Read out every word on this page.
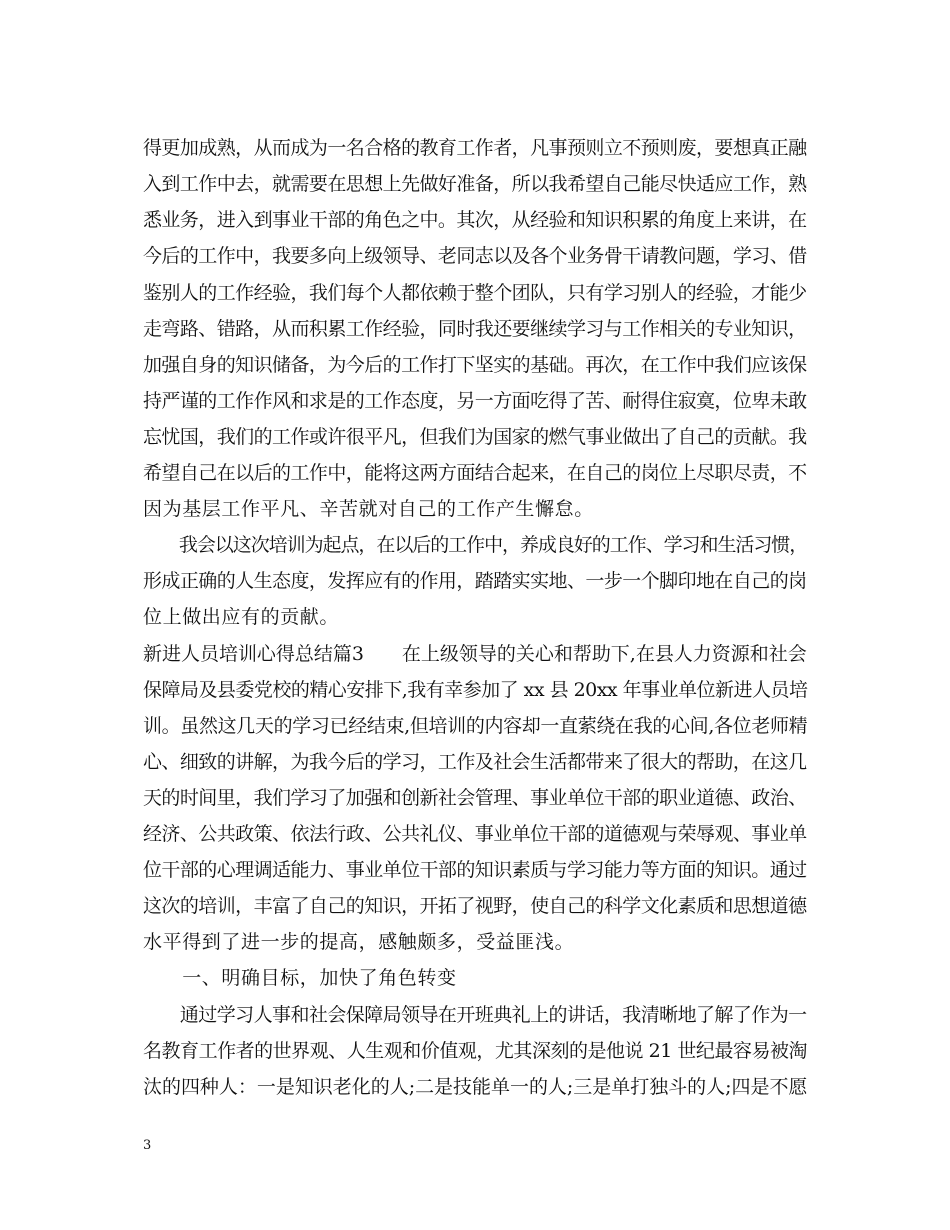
得更加成熟，从而成为一名合格的教育工作者，凡事预则立不预则废，要想真正融
入到工作中去，就需要在思想上先做好准备，所以我希望自己能尽快适应工作，熟
悉业务，进入到事业干部的角色之中。其次，从经验和知识积累的角度上来讲，在
今后的工作中，我要多向上级领导、老同志以及各个业务骨干请教问题，学习、借
鉴别人的工作经验，我们每个人都依赖于整个团队，只有学习别人的经验，才能少
走弯路、错路，从而积累工作经验，同时我还要继续学习与工作相关的专业知识，
加强自身的知识储备，为今后的工作打下坚实的基础。再次，在工作中我们应该保
持严谨的工作作风和求是的工作态度，另一方面吃得了苦、耐得住寂寞，位卑未敢
忘忧国，我们的工作或许很平凡，但我们为国家的燃气事业做出了自己的贡献。我
希望自己在以后的工作中，能将这两方面结合起来，在自己的岗位上尽职尽责，不
因为基层工作平凡、辛苦就对自己的工作产生懈怠。
　　我会以这次培训为起点，在以后的工作中，养成良好的工作、学习和生活习惯，
形成正确的人生态度，发挥应有的作用，踏踏实实地、一步一个脚印地在自己的岗
位上做出应有的贡献。
新进人员培训心得总结篇3　　在上级领导的关心和帮助下,在县人力资源和社会
保障局及县委党校的精心安排下,我有幸参加了 xx 县 20xx 年事业单位新进人员培
训。虽然这几天的学习已经结束,但培训的内容却一直萦绕在我的心间,各位老师精
心、细致的讲解，为我今后的学习，工作及社会生活都带来了很大的帮助，在这几
天的时间里，我们学习了加强和创新社会管理、事业单位干部的职业道德、政治、
经济、公共政策、依法行政、公共礼仪、事业单位干部的道德观与荣辱观、事业单
位干部的心理调适能力、事业单位干部的知识素质与学习能力等方面的知识。通过
这次的培训，丰富了自己的知识，开拓了视野，使自己的科学文化素质和思想道德
水平得到了进一步的提高，感触颇多，受益匪浅。
　　一、明确目标，加快了角色转变
　　通过学习人事和社会保障局领导在开班典礼上的讲话，我清晰地了解了作为一
名教育工作者的世界观、人生观和价值观，尤其深刻的是他说 21 世纪最容易被淘
汰的四种人：一是知识老化的人;二是技能单一的人;三是单打独斗的人;四是不愿
3
